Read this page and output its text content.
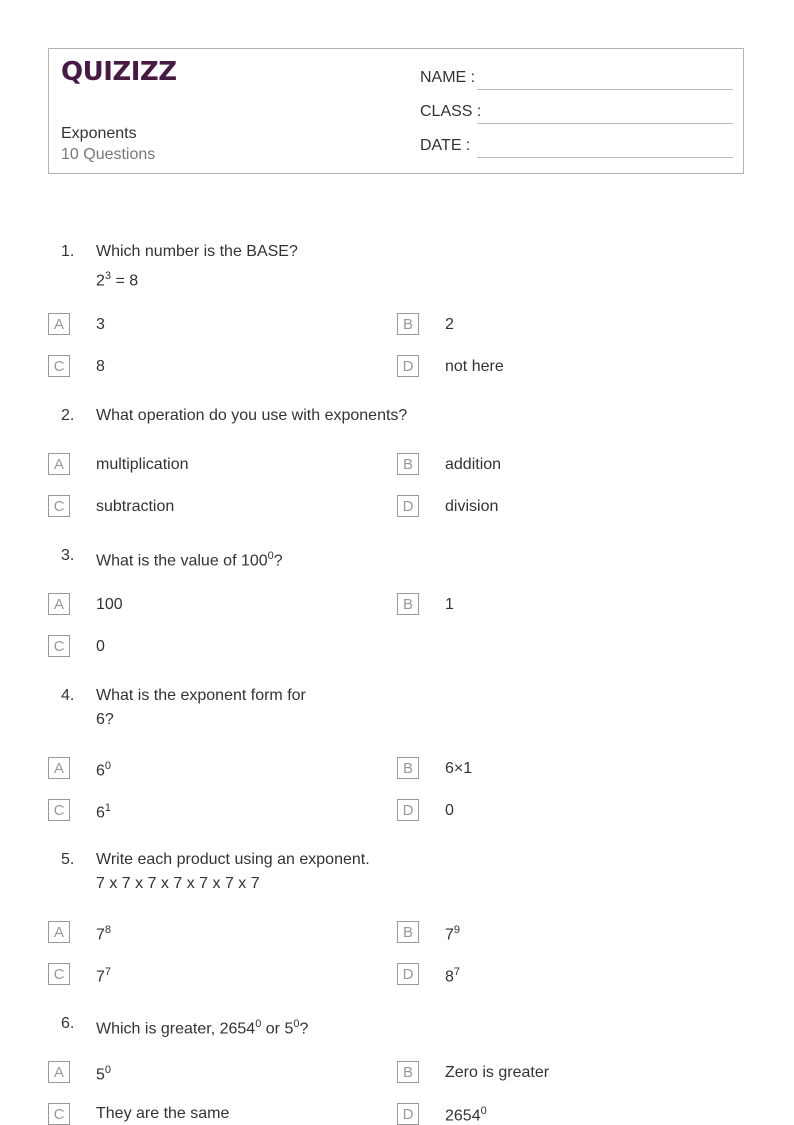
QUIZIZZ
Exponents
10 Questions
NAME :
CLASS :
DATE :
1. Which number is the BASE?
$2^3 = 8$
A	3	B	2
C	8	D	not here
2. What operation do you use with exponents?
A	multiplication	B	addition
C	subtraction	D	division
3. What is the value of $100^0$?
A	100	B	1
C	0
4. What is the exponent form for
6?
A	$6^0$	B	6×1
C	$6^1$	D	0
5. Write each product using an exponent.
7 x 7 x 7 x 7 x 7 x 7 x 7
A	$7^8$	B	$7^9$
C	$7^7$	D	$8^7$
6. Which is greater, 2654$^0$ or $5^0$?
A	$5^0$	B	Zero is greater
C	They are the same	D	2654$^0$
